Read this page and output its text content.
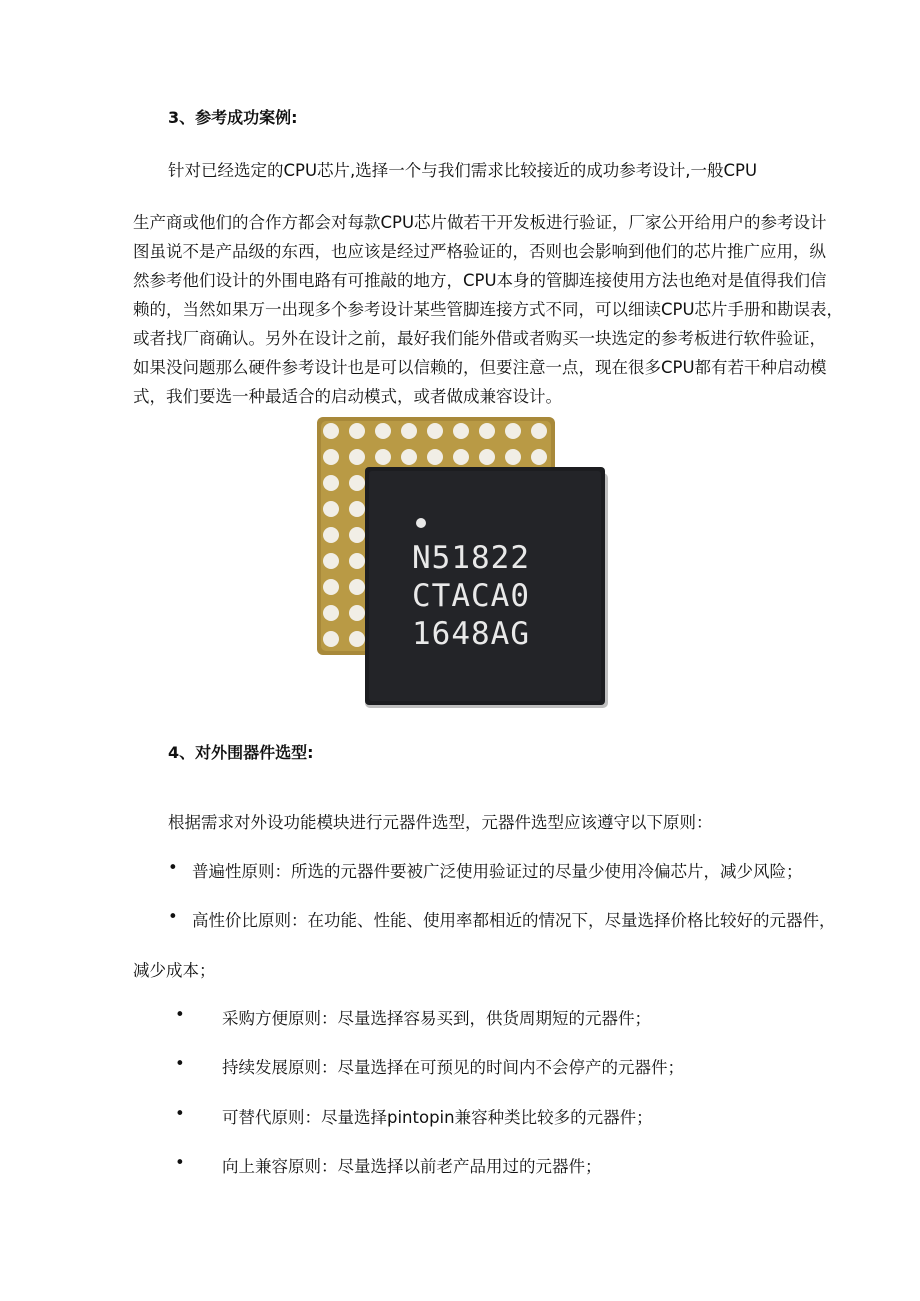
3、参考成功案例:
针对已经选定的CPU芯片,选择一个与我们需求比较接近的成功参考设计,一般CPU
生产商或他们的合作方都会对每款CPU芯片做若干开发板进行验证，厂家公开给用户的参考设计
图虽说不是产品级的东西，也应该是经过严格验证的，否则也会影响到他们的芯片推广应用，纵
然参考他们设计的外围电路有可推敲的地方，CPU本身的管脚连接使用方法也绝对是值得我们信
赖的，当然如果万一出现多个参考设计某些管脚连接方式不同，可以细读CPU芯片手册和勘误表，
或者找厂商确认。另外在设计之前，最好我们能外借或者购买一块选定的参考板进行软件验证，
如果没问题那么硬件参考设计也是可以信赖的，但要注意一点，现在很多CPU都有若干种启动模
式，我们要选一种最适合的启动模式，或者做成兼容设计。
N51822
CTACA0
1648AG
4、对外围器件选型:
根据需求对外设功能模块进行元器件选型，元器件选型应该遵守以下原则：
• 普遍性原则：所选的元器件要被广泛使用验证过的尽量少使用冷偏芯片，减少风险；
• 高性价比原则：在功能、性能、使用率都相近的情况下，尽量选择价格比较好的元器件，
减少成本；
• 采购方便原则：尽量选择容易买到，供货周期短的元器件；
• 持续发展原则：尽量选择在可预见的时间内不会停产的元器件；
• 可替代原则：尽量选择pintopin兼容种类比较多的元器件；
• 向上兼容原则：尽量选择以前老产品用过的元器件；
